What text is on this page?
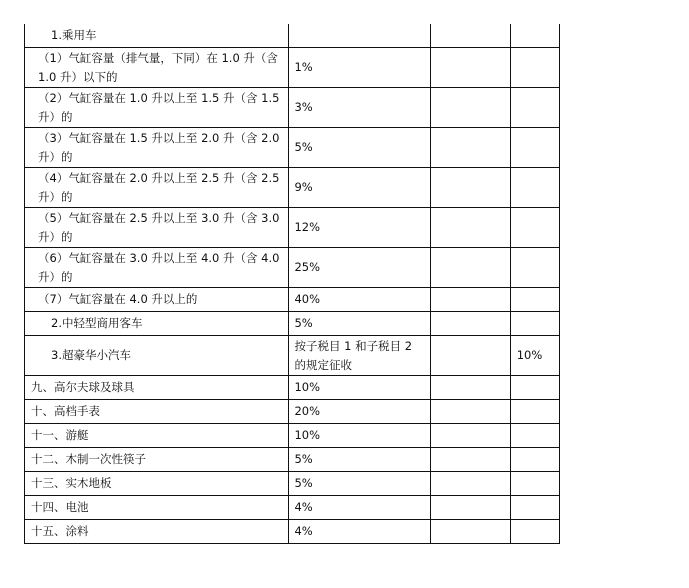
1.乘用车			
（1）气缸容量（排气量，下同）在 1.0 升（含 1.0 升）以下的	1%		
（2）气缸容量在 1.0 升以上至 1.5 升（含 1.5 升）的	3%		
（3）气缸容量在 1.5 升以上至 2.0 升（含 2.0 升）的	5%		
（4）气缸容量在 2.0 升以上至 2.5 升（含 2.5 升）的	9%		
（5）气缸容量在 2.5 升以上至 3.0 升（含 3.0 升）的	12%		
（6）气缸容量在 3.0 升以上至 4.0 升（含 4.0 升）的	25%		
（7）气缸容量在 4.0 升以上的	40%		
2.中轻型商用客车	5%		
3.超豪华小汽车	按子税目 1 和子税目 2 的规定征收		10%
九、高尔夫球及球具	10%		
十、高档手表	20%		
十一、游艇	10%		
十二、木制一次性筷子	5%		
十三、实木地板	5%		
十四、电池	4%		
十五、涂料	4%		
